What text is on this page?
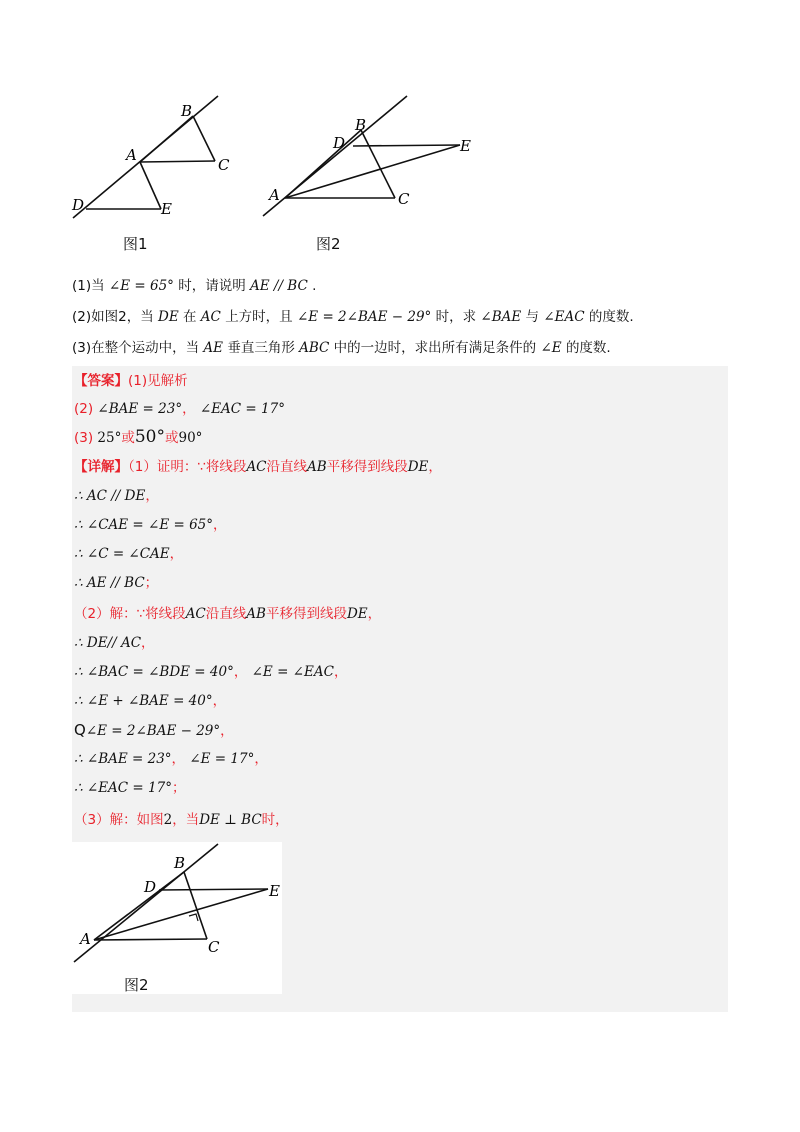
B
A
C
D	E
图1
B
D	E
A	C
图2
(1)当 ∠E = 65° 时，请说明 AE // BC .
(2)如图2，当 DE 在 AC 上方时，且 ∠E = 2∠BAE − 29° 时，求 ∠BAE 与 ∠EAC 的度数.
(3)在整个运动中，当 AE 垂直三角形 ABC 中的一边时，求出所有满足条件的 ∠E 的度数.
【答案】(1)见解析
(2) ∠BAE = 23°， ∠EAC = 17°
(3) 25°或50°或90°
【详解】（1）证明：∵将线段AC沿直线AB平移得到线段DE，
∴ AC // DE，
∴ ∠CAE = ∠E = 65°，
∴ ∠C = ∠CAE，
∴ AE // BC；
（2）解：∵将线段AC沿直线AB平移得到线段DE，
∴ DE// AC，
∴ ∠BAC = ∠BDE = 40°， ∠E = ∠EAC，
∴ ∠E + ∠BAE = 40°，
Q∠E = 2∠BAE − 29°，
∴ ∠BAE = 23°， ∠E = 17°，
∴ ∠EAC = 17°；
（3）解：如图2，当DE ⊥ BC时，
B
D	E
A	C
图2
